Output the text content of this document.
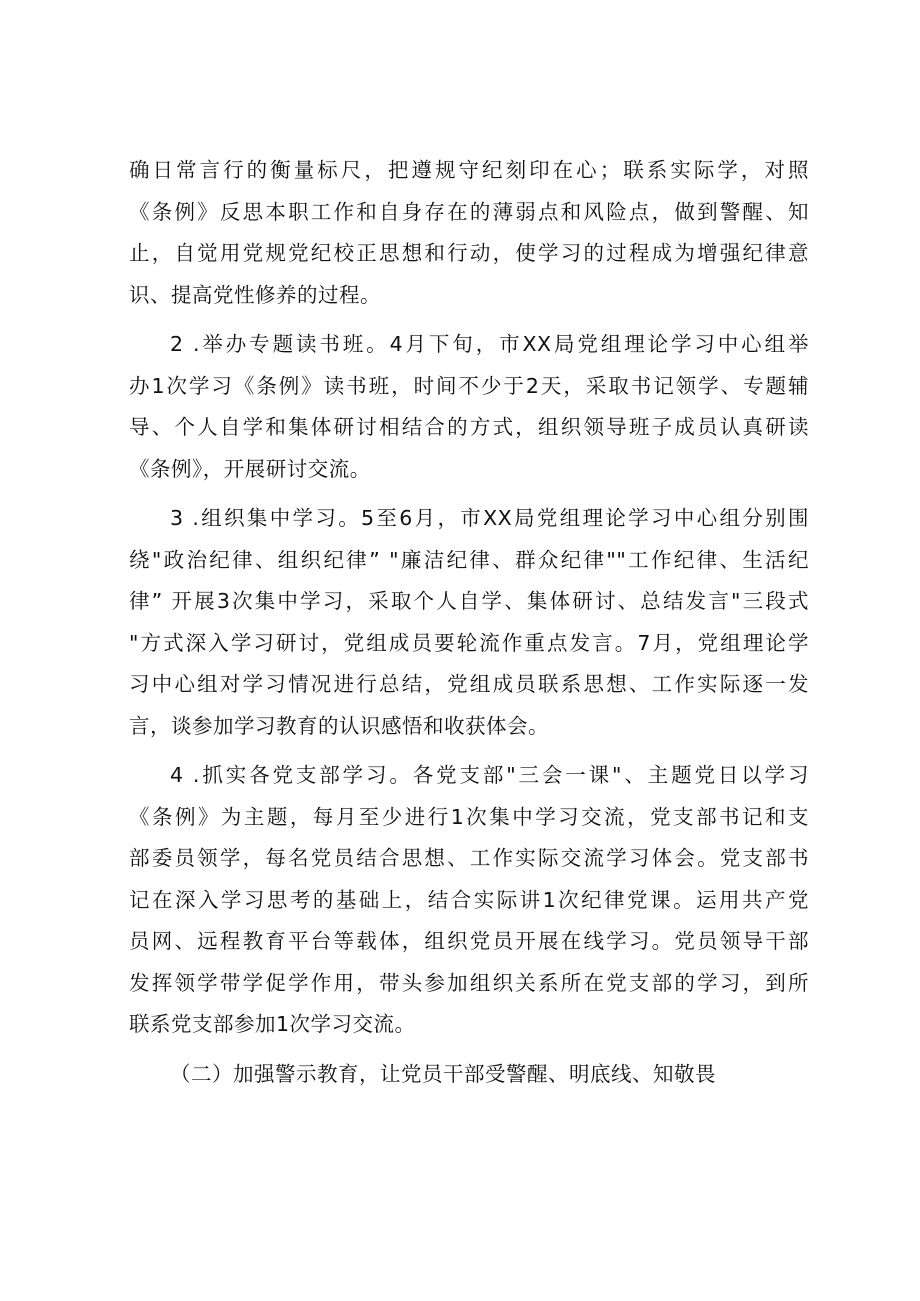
确日常言行的衡量标尺，把遵规守纪刻印在心；联系实际学，对照
《条例》反思本职工作和自身存在的薄弱点和风险点，做到警醒、知
止，自觉用党规党纪校正思想和行动，使学习的过程成为增强纪律意
识、提高党性修养的过程。
2 .举办专题读书班。4月下旬，市XX局党组理论学习中心组举
办1次学习《条例》读书班，时间不少于2天，采取书记领学、专题辅
导、个人自学和集体研讨相结合的方式，组织领导班子成员认真研读
《条例》，开展研讨交流。
3 .组织集中学习。5至6月，市XX局党组理论学习中心组分别围
绕"政治纪律、组织纪律” "廉洁纪律、群众纪律""工作纪律、生活纪
律” 开展3次集中学习，采取个人自学、集体研讨、总结发言"三段式
"方式深入学习研讨，党组成员要轮流作重点发言。7月，党组理论学
习中心组对学习情况进行总结，党组成员联系思想、工作实际逐一发
言，谈参加学习教育的认识感悟和收获体会。
4 .抓实各党支部学习。各党支部"三会一课"、主题党日以学习
《条例》为主题，每月至少进行1次集中学习交流，党支部书记和支
部委员领学，每名党员结合思想、工作实际交流学习体会。党支部书
记在深入学习思考的基础上，结合实际讲1次纪律党课。运用共产党
员网、远程教育平台等载体，组织党员开展在线学习。党员领导干部
发挥领学带学促学作用，带头参加组织关系所在党支部的学习，到所
联系党支部参加1次学习交流。
（二）加强警示教育，让党员干部受警醒、明底线、知敬畏
